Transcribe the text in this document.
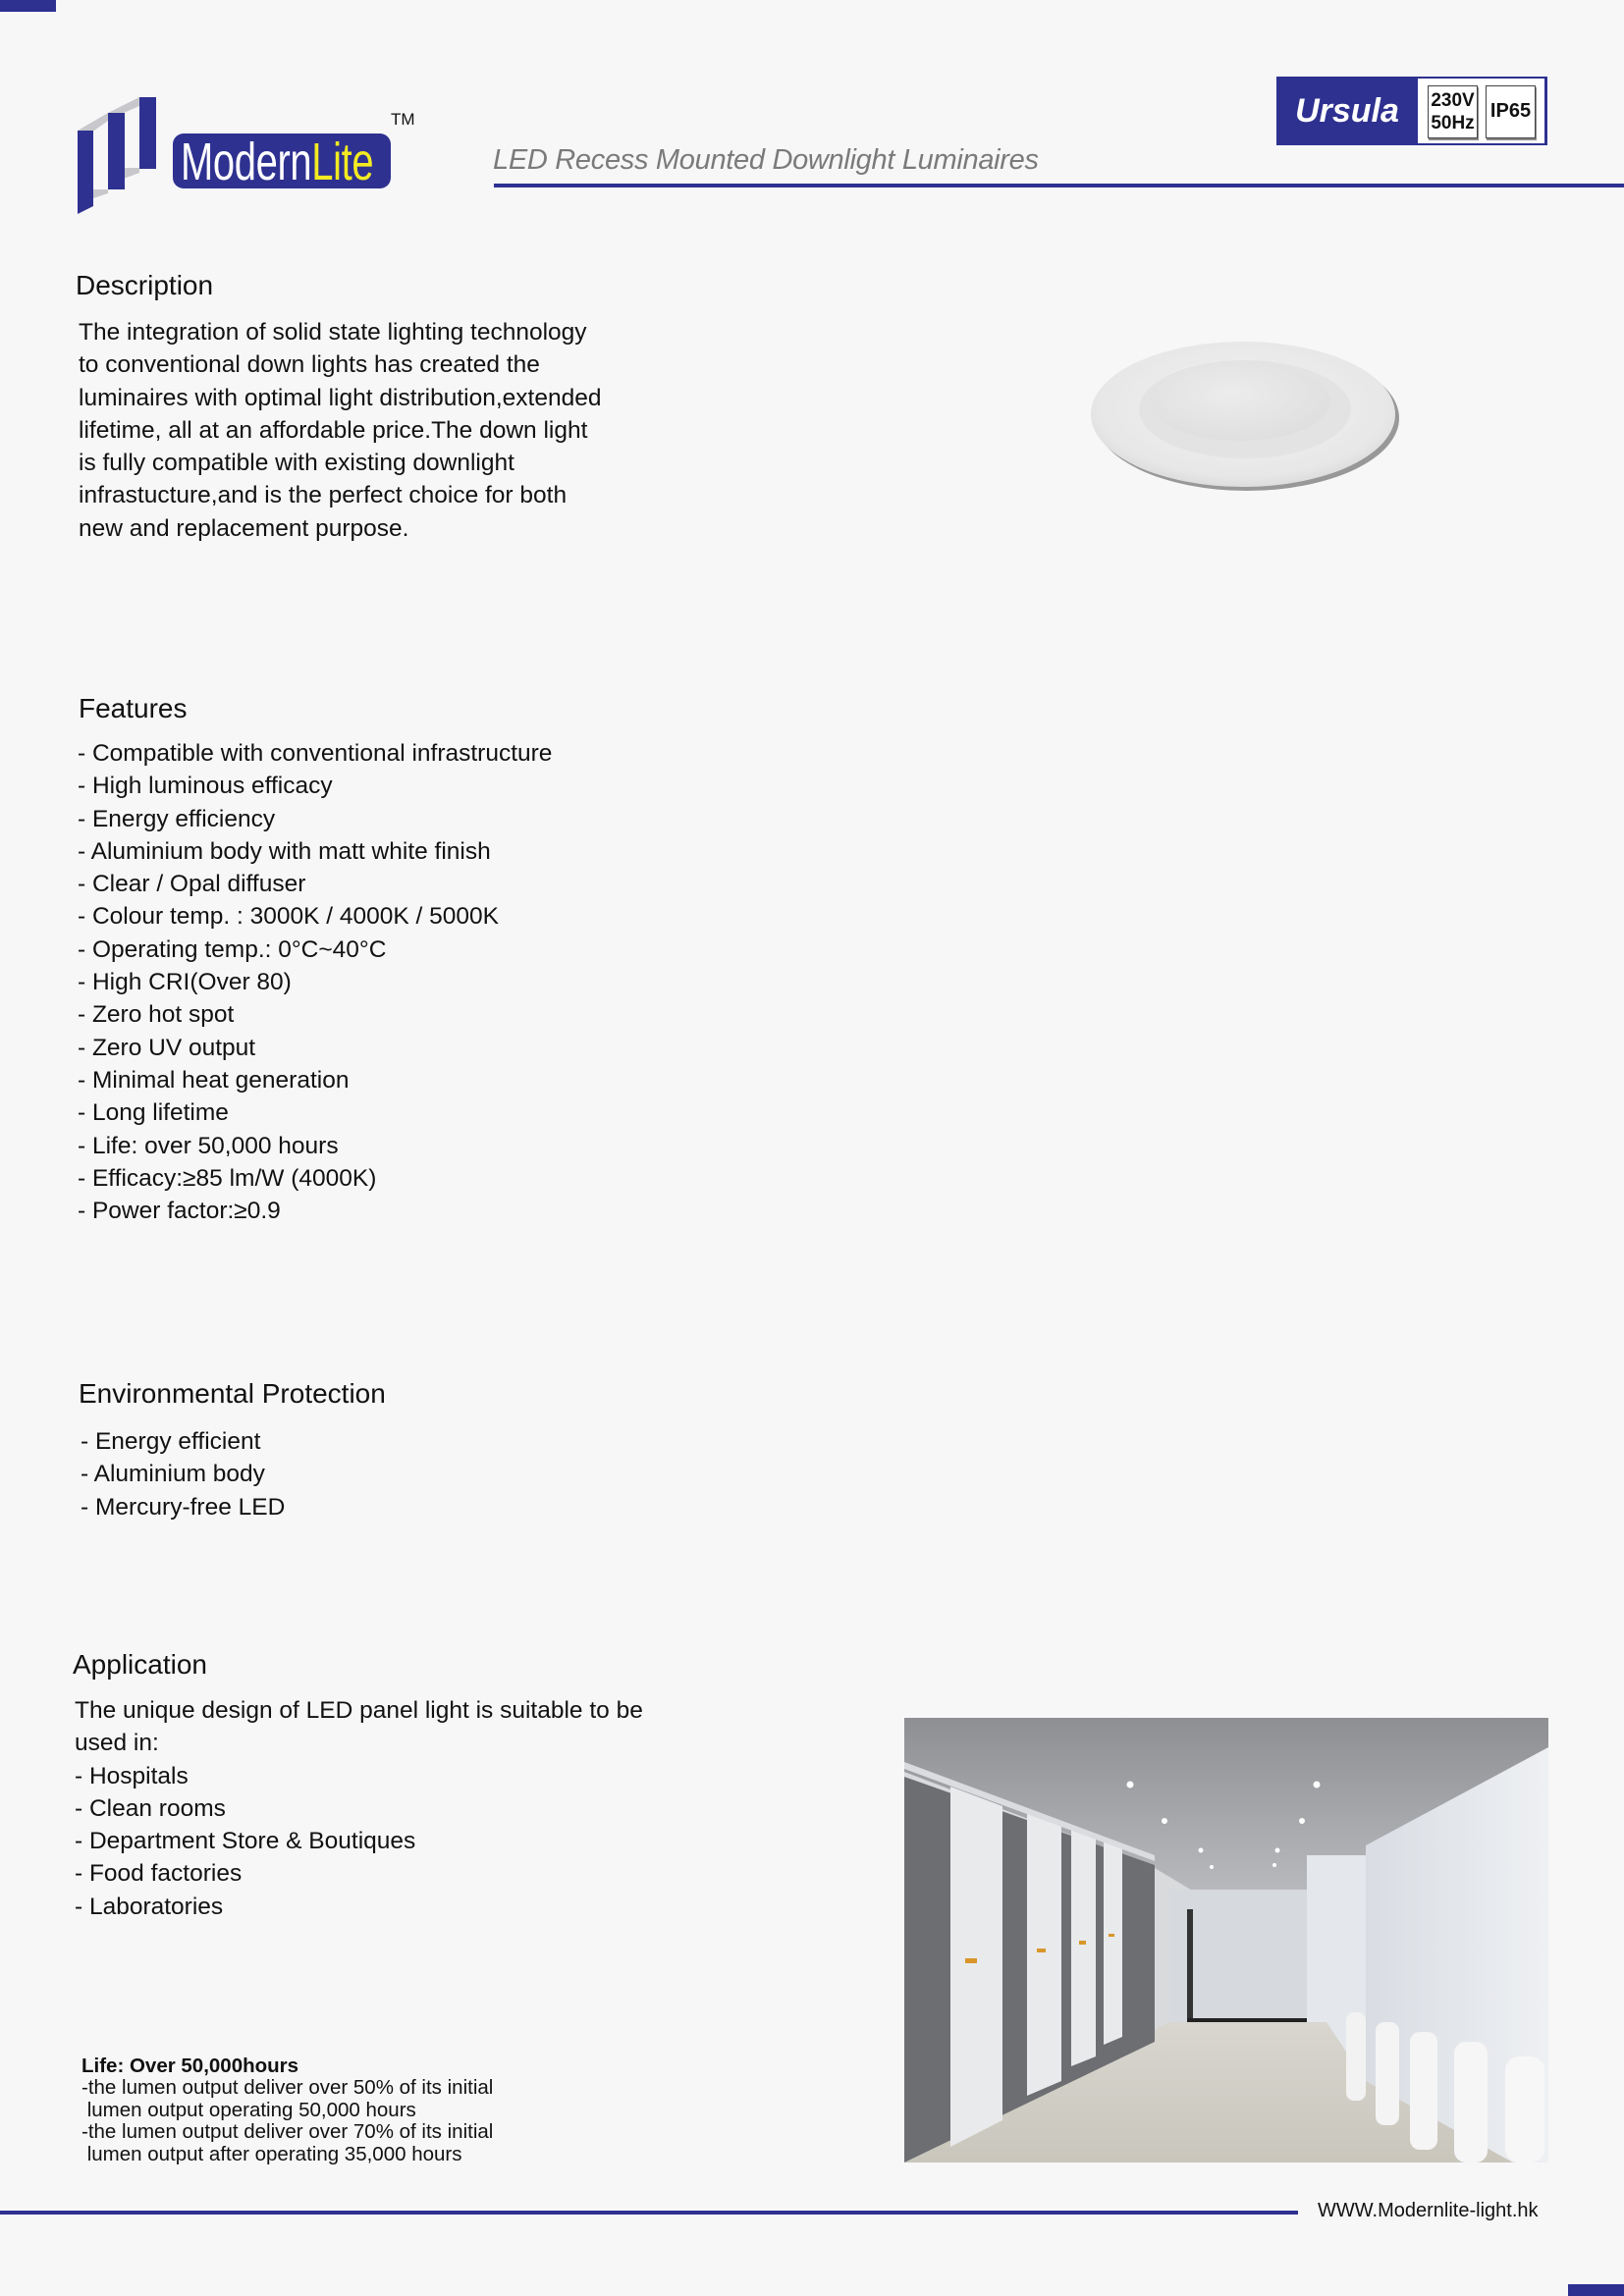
ModernLite
TM
LED Recess Mounted Downlight Luminaires
Ursula	230V
50Hz
IP65
Description
The integration of solid state lighting technology
to conventional down lights has created the
luminaires with optimal light distribution,extended
lifetime, all at an affordable price.The down light
is fully compatible with existing downlight
infrastucture,and is the perfect choice for both
new and replacement purpose.
Features
- Compatible with conventional infrastructure
- High luminous efficacy
- Energy efficiency
- Aluminium body with matt white finish
- Clear / Opal diffuser
- Colour temp. : 3000K / 4000K / 5000K
- Operating temp.: 0°C~40°C
- High CRI(Over 80)
- Zero hot spot
- Zero UV output
- Minimal heat generation
- Long lifetime
- Life: over 50,000 hours
- Efficacy:≥85 lm/W (4000K)
- Power factor:≥0.9
Environmental Protection
- Energy efficient
- Aluminium body
- Mercury-free LED
Application
The unique design of LED panel light is suitable to be
used in:
- Hospitals
- Clean rooms
- Department Store & Boutiques
- Food factories
- Laboratories
Life: Over 50,000hours
-the lumen output deliver over 50% of its initial
lumen output operating 50,000 hours
-the lumen output deliver over 70% of its initial
lumen output after operating 35,000 hours
WWW.Modernlite-light.hk
